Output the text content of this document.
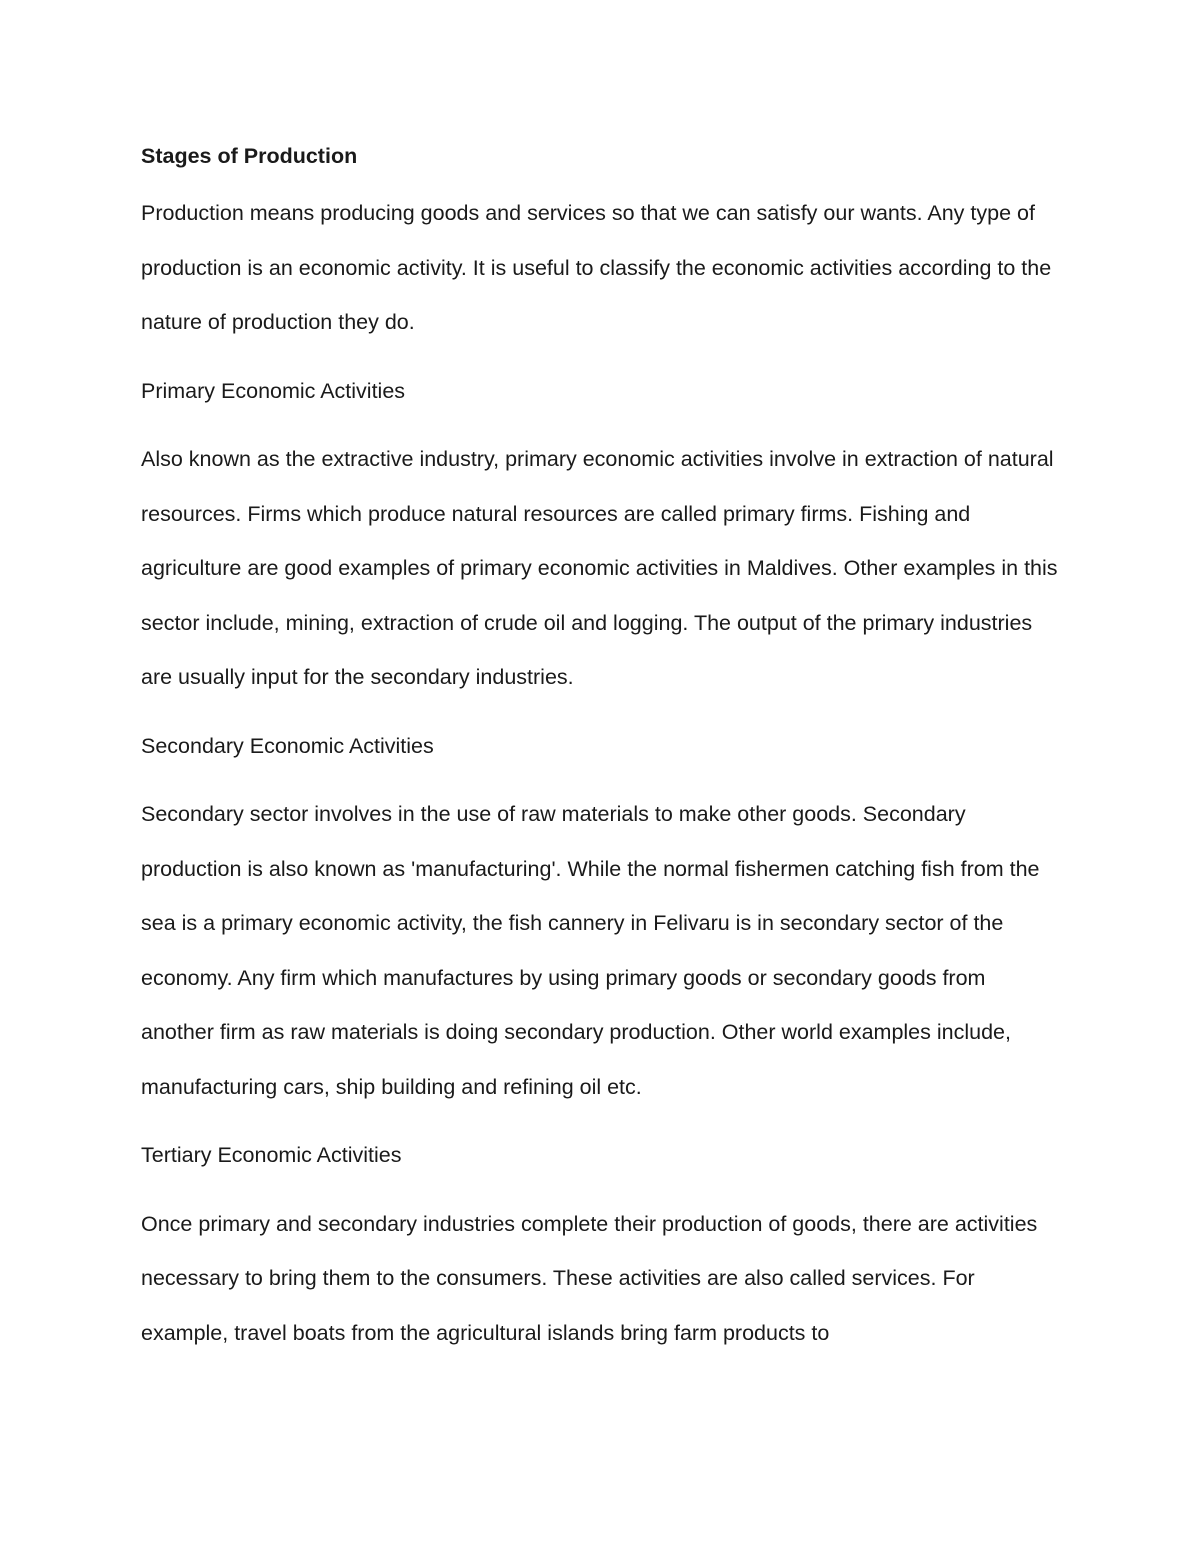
Stages of Production
Production means producing goods and services so that we can satisfy our wants. Any type of production is an economic activity. It is useful to classify the economic activities according to the nature of production they do.
Primary Economic Activities
Also known as the extractive industry, primary economic activities involve in extraction of natural resources. Firms which produce natural resources are called primary firms. Fishing and agriculture are good examples of primary economic activities in Maldives. Other examples in this sector include, mining, extraction of crude oil and logging. The output of the primary industries are usually input for the secondary industries.
Secondary Economic Activities
Secondary sector involves in the use of raw materials to make other goods. Secondary production is also known as 'manufacturing'. While the normal fishermen catching fish from the sea is a primary economic activity, the fish cannery in Felivaru is in secondary sector of the economy. Any firm which manufactures by using primary goods or secondary goods from another firm as raw materials is doing secondary production. Other world examples include, manufacturing cars, ship building and refining oil etc.
Tertiary Economic Activities
Once primary and secondary industries complete their production of goods, there are activities necessary to bring them to the consumers. These activities are also called services. For example, travel boats from the agricultural islands bring farm products to
